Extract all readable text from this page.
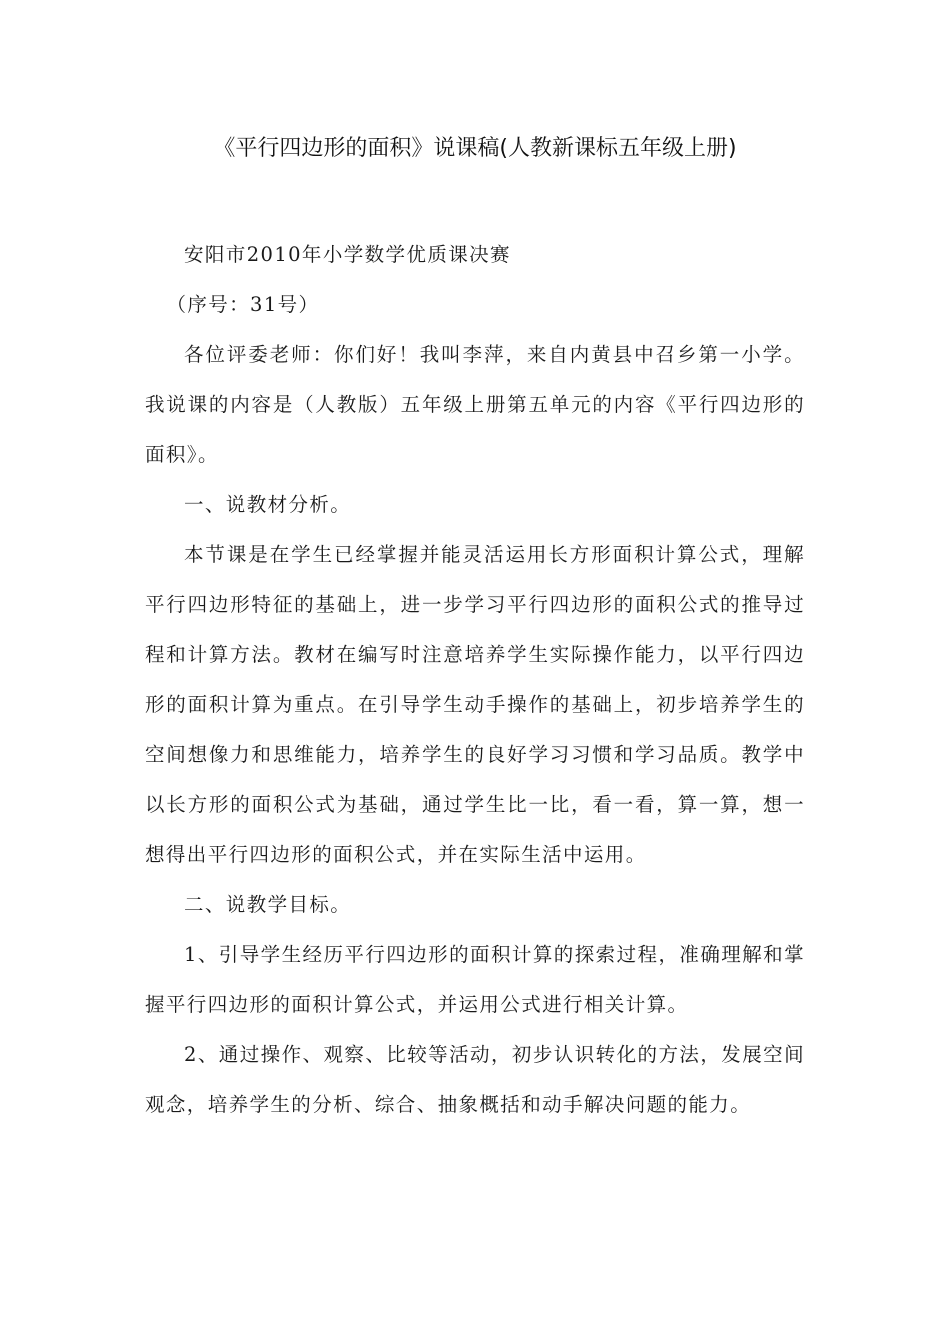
《平行四边形的面积》说课稿(人教新课标五年级上册)

安阳市2010年小学数学优质课决赛

（序号：31号）

各位评委老师：你们好！我叫李萍，来自内黄县中召乡第一小学。我说课的内容是（人教版）五年级上册第五单元的内容《平行四边形的面积》。

一、说教材分析。

本节课是在学生已经掌握并能灵活运用长方形面积计算公式，理解平行四边形特征的基础上，进一步学习平行四边形的面积公式的推导过程和计算方法。教材在编写时注意培养学生实际操作能力，以平行四边形的面积计算为重点。在引导学生动手操作的基础上，初步培养学生的空间想像力和思维能力，培养学生的良好学习习惯和学习品质。教学中以长方形的面积公式为基础，通过学生比一比，看一看，算一算，想一想得出平行四边形的面积公式，并在实际生活中运用。

二、说教学目标。

1、引导学生经历平行四边形的面积计算的探索过程，准确理解和掌握平行四边形的面积计算公式，并运用公式进行相关计算。

2、通过操作、观察、比较等活动，初步认识转化的方法，发展空间观念，培养学生的分析、综合、抽象概括和动手解决问题的能力。
